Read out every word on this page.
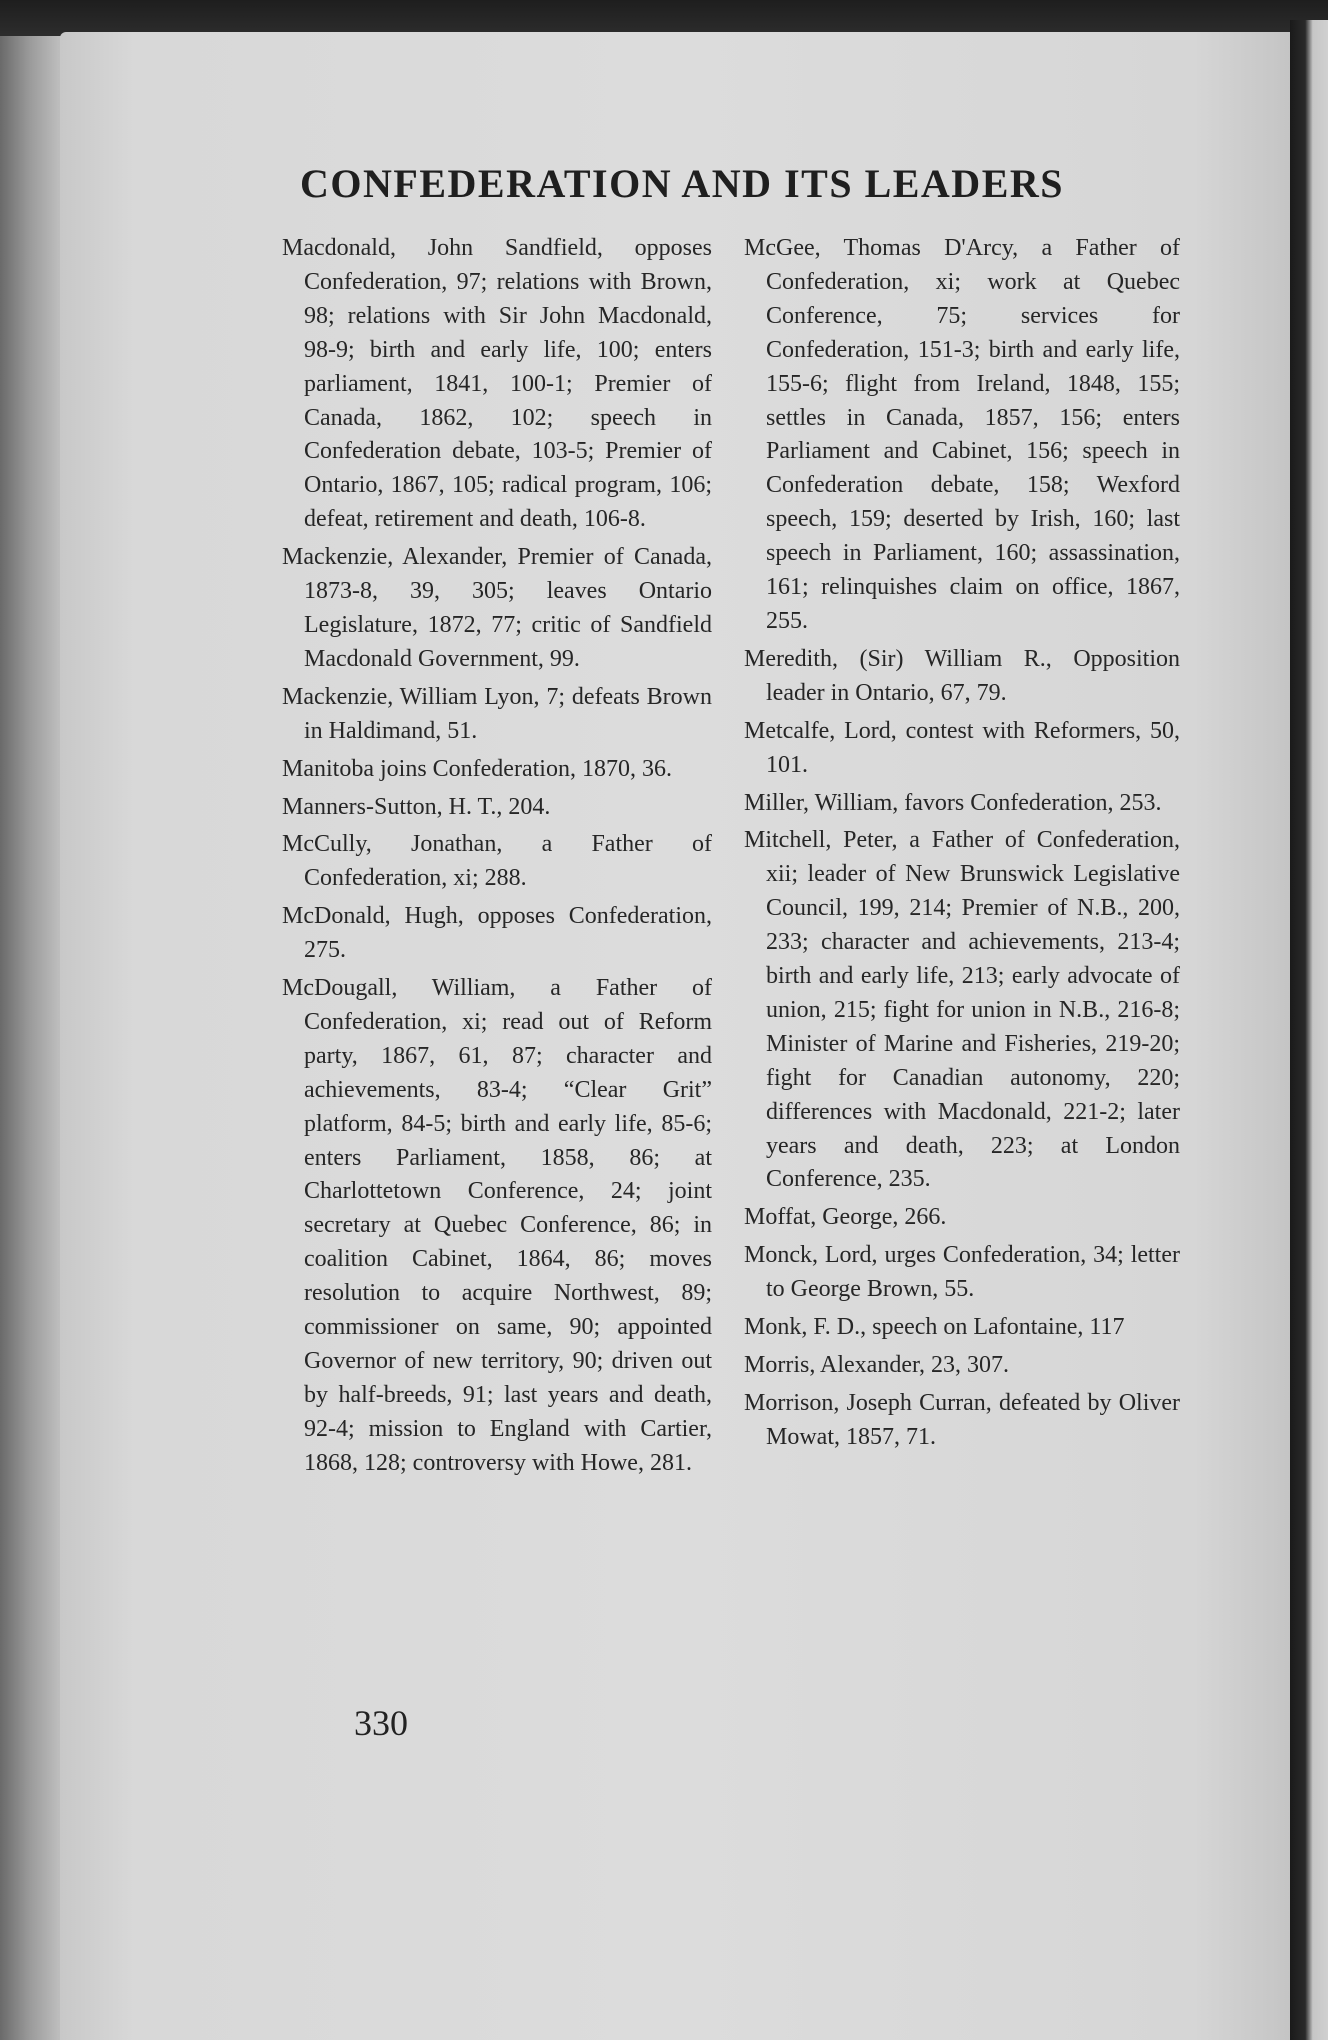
CONFEDERATION AND ITS LEADERS

Macdonald, John Sandfield, opposes Confederation, 97; relations with Brown, 98; relations with Sir John Macdonald, 98-9; birth and early life, 100; enters parliament, 1841, 100-1; Premier of Canada, 1862, 102; speech in Confederation debate, 103-5; Premier of Ontario, 1867, 105; radical program, 106; defeat, retirement and death, 106-8.

Mackenzie, Alexander, Premier of Canada, 1873-8, 39, 305; leaves Ontario Legislature, 1872, 77; critic of Sandfield Macdonald Government, 99.

Mackenzie, William Lyon, 7; defeats Brown in Haldimand, 51.

Manitoba joins Confederation, 1870, 36.

Manners-Sutton, H. T., 204.

McCully, Jonathan, a Father of Confederation, xi; 288.

McDonald, Hugh, opposes Confederation, 275.

McDougall, William, a Father of Confederation, xi; read out of Reform party, 1867, 61, 87; character and achievements, 83-4; “Clear Grit” platform, 84-5; birth and early life, 85-6; enters Parliament, 1858, 86; at Charlottetown Conference, 24; joint secretary at Quebec Conference, 86; in coalition Cabinet, 1864, 86; moves resolution to acquire Northwest, 89; commissioner on same, 90; appointed Governor of new territory, 90; driven out by half-breeds, 91; last years and death, 92-4; mission to England with Cartier, 1868, 128; controversy with Howe, 281.

McGee, Thomas D'Arcy, a Father of Confederation, xi; work at Quebec Conference, 75; services for Confederation, 151-3; birth and early life, 155-6; flight from Ireland, 1848, 155; settles in Canada, 1857, 156; enters Parliament and Cabinet, 156; speech in Confederation debate, 158; Wexford speech, 159; deserted by Irish, 160; last speech in Parliament, 160; assassination, 161; relinquishes claim on office, 1867, 255.

Meredith, (Sir) William R., Opposition leader in Ontario, 67, 79.

Metcalfe, Lord, contest with Reformers, 50, 101.

Miller, William, favors Confederation, 253.

Mitchell, Peter, a Father of Confederation, xii; leader of New Brunswick Legislative Council, 199, 214; Premier of N.B., 200, 233; character and achievements, 213-4; birth and early life, 213; early advocate of union, 215; fight for union in N.B., 216-8; Minister of Marine and Fisheries, 219-20; fight for Canadian autonomy, 220; differences with Macdonald, 221-2; later years and death, 223; at London Conference, 235.

Moffat, George, 266.

Monck, Lord, urges Confederation, 34; letter to George Brown, 55.

Monk, F. D., speech on Lafontaine, 117

Morris, Alexander, 23, 307.

Morrison, Joseph Curran, defeated by Oliver Mowat, 1857, 71.

330
